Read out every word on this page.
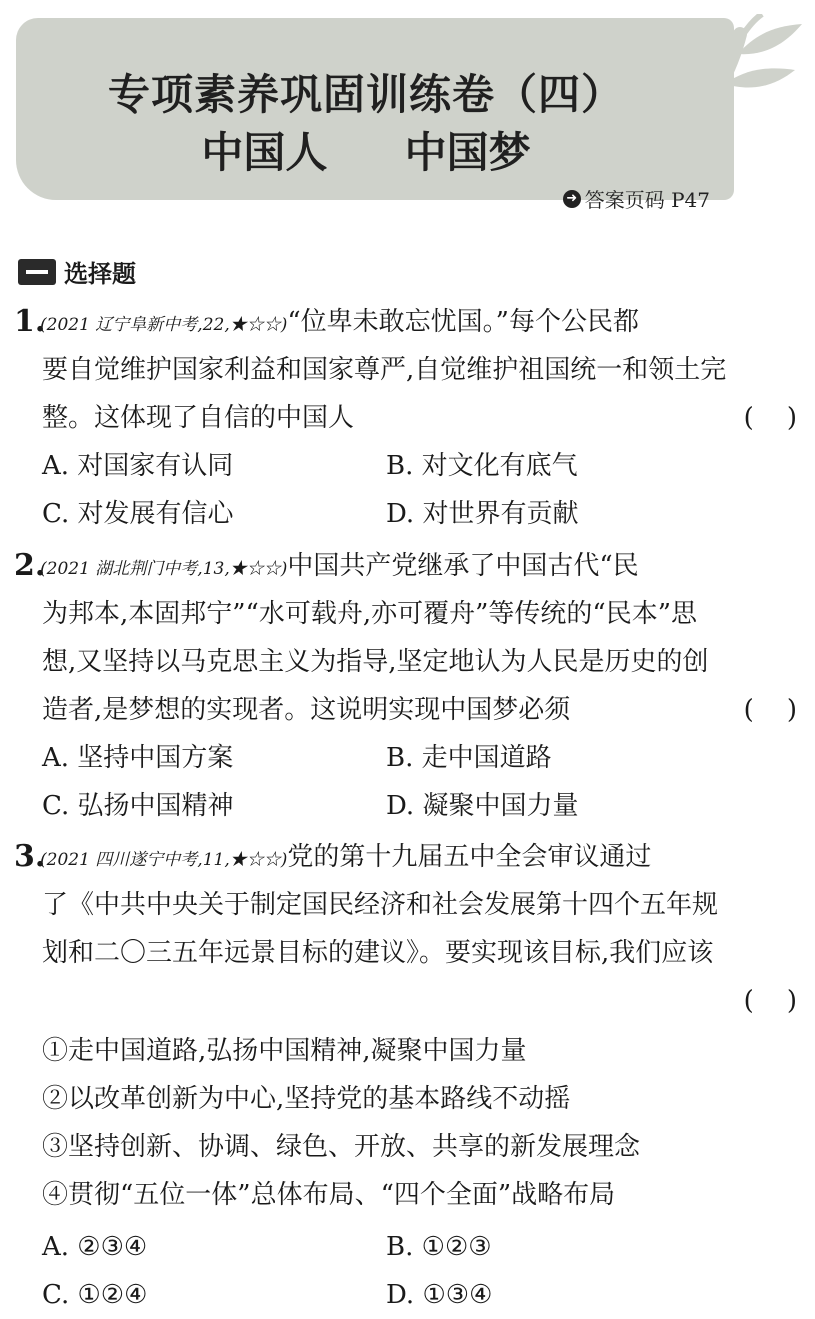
专项素养巩固训练卷（四）
中国人  中国梦
➜ 答案页码 P47
选择题
1.
(2021 辽宁阜新中考,22,★☆☆)“位卑未敢忘忧国。”每个公民都
要自觉维护国家利益和国家尊严,自觉维护祖国统一和领土完
整。这体现了自信的中国人	(    )
A. 对国家有认同	B. 对文化有底气
C. 对发展有信心	D. 对世界有贡献
2.
(2021 湖北荆门中考,13,★☆☆)中国共产党继承了中国古代“民
为邦本,本固邦宁”“水可载舟,亦可覆舟”等传统的“民本”思
想,又坚持以马克思主义为指导,坚定地认为人民是历史的创
造者,是梦想的实现者。这说明实现中国梦必须	(    )
A. 坚持中国方案	B. 走中国道路
C. 弘扬中国精神	D. 凝聚中国力量
3.
(2021 四川遂宁中考,11,★☆☆)党的第十九届五中全会审议通过
了《中共中央关于制定国民经济和社会发展第十四个五年规
划和二〇三五年远景目标的建议》。要实现该目标,我们应该
(    )
①走中国道路,弘扬中国精神,凝聚中国力量
②以改革创新为中心,坚持党的基本路线不动摇
③坚持创新、协调、绿色、开放、共享的新发展理念
④贯彻“五位一体”总体布局、“四个全面”战略布局
A. ②③④	B. ①②③
C. ①②④	D. ①③④
